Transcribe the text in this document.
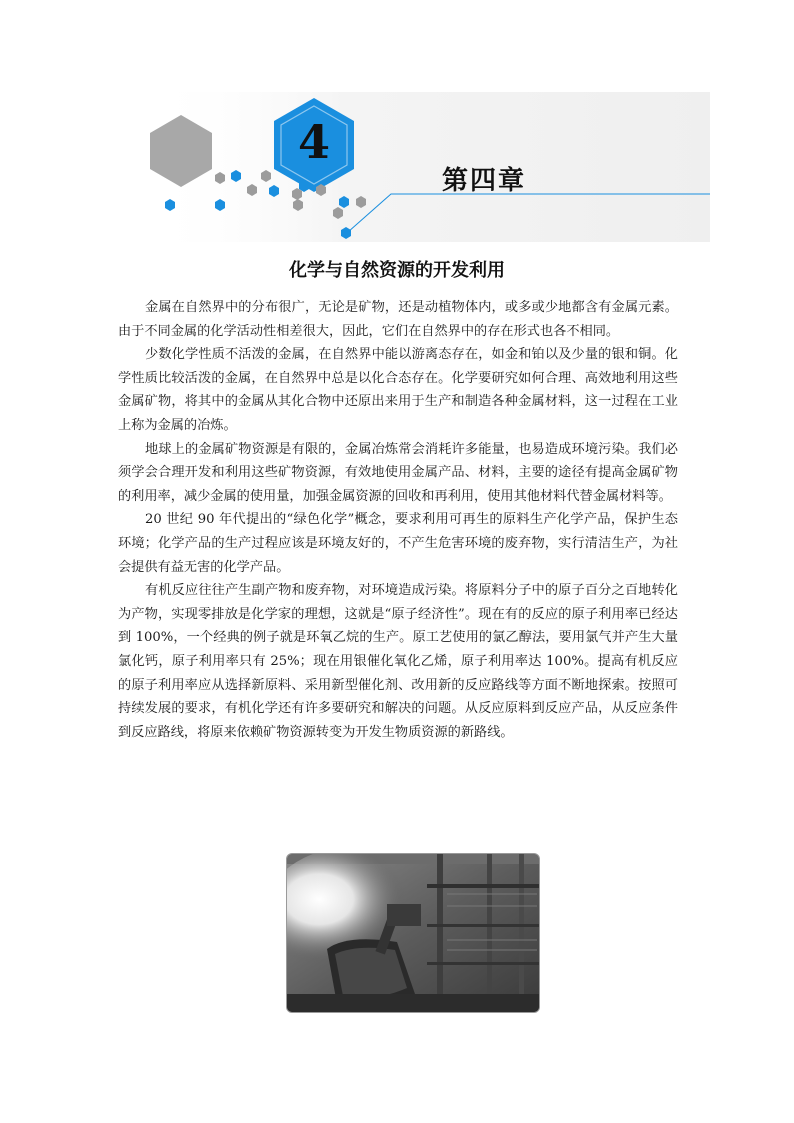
4
第四章
化学与自然资源的开发利用

金属在自然界中的分布很广，无论是矿物，还是动植物体内，或多或少地都含有金属元素。由于不同金属的化学活动性相差很大，因此，它们在自然界中的存在形式也各不相同。

少数化学性质不活泼的金属，在自然界中能以游离态存在，如金和铂以及少量的银和铜。化学性质比较活泼的金属，在自然界中总是以化合态存在。化学要研究如何合理、高效地利用这些金属矿物，将其中的金属从其化合物中还原出来用于生产和制造各种金属材料，这一过程在工业上称为金属的冶炼。

地球上的金属矿物资源是有限的，金属冶炼常会消耗许多能量，也易造成环境污染。我们必须学会合理开发和利用这些矿物资源，有效地使用金属产品、材料，主要的途径有提高金属矿物的利用率，减少金属的使用量，加强金属资源的回收和再利用，使用其他材料代替金属材料等。

20 世纪 90 年代提出的“绿色化学”概念，要求利用可再生的原料生产化学产品，保护生态环境；化学产品的生产过程应该是环境友好的，不产生危害环境的废弃物，实行清洁生产，为社会提供有益无害的化学产品。

有机反应往往产生副产物和废弃物，对环境造成污染。将原料分子中的原子百分之百地转化为产物，实现零排放是化学家的理想，这就是“原子经济性”。现在有的反应的原子利用率已经达到 100%，一个经典的例子就是环氧乙烷的生产。原工艺使用的氯乙醇法，要用氯气并产生大量氯化钙，原子利用率只有 25%；现在用银催化氧化乙烯，原子利用率达 100%。提高有机反应的原子利用率应从选择新原料、采用新型催化剂、改用新的反应路线等方面不断地探索。按照可持续发展的要求，有机化学还有许多要研究和解决的问题。从反应原料到反应产品，从反应条件到反应路线，将原来依赖矿物资源转变为开发生物质资源的新路线。
